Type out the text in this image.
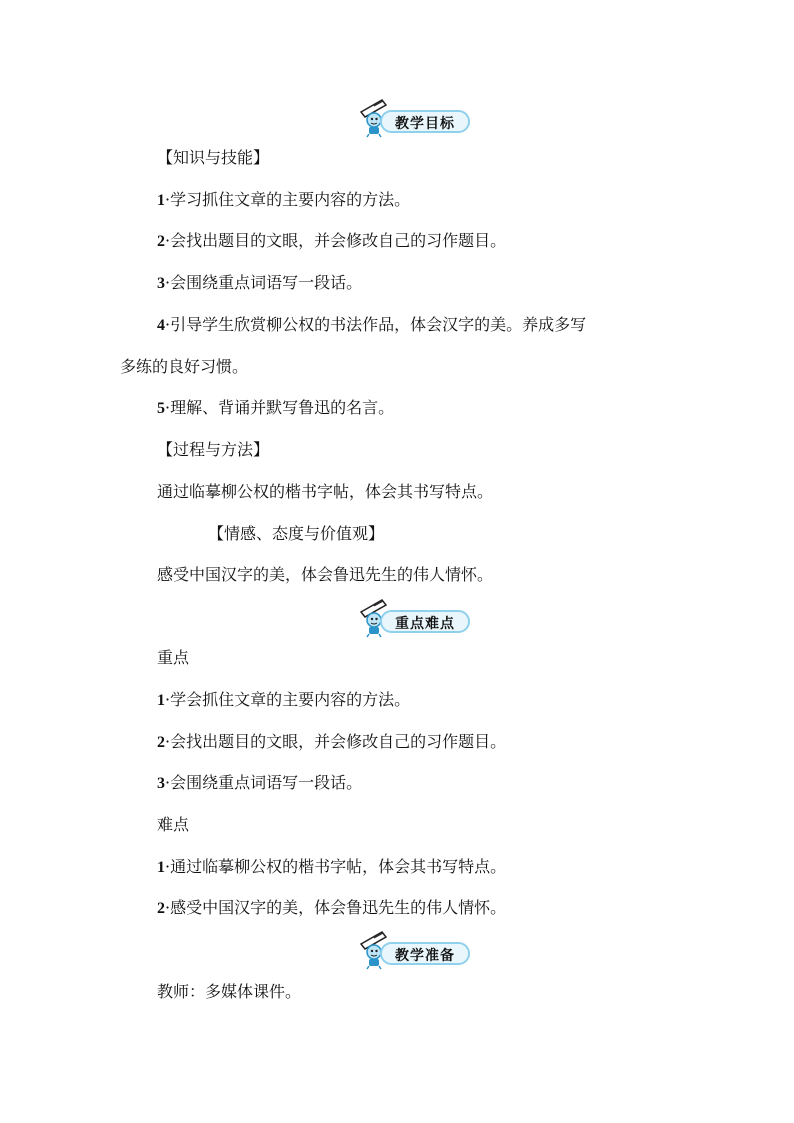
教学目标
【知识与技能】
1·学习抓住文章的主要内容的方法。
2·会找出题目的文眼，并会修改自己的习作题目。
3·会围绕重点词语写一段话。
4·引导学生欣赏柳公权的书法作品，体会汉字的美。养成多写
多练的良好习惯。
5·理解、背诵并默写鲁迅的名言。
【过程与方法】
通过临摹柳公权的楷书字帖，体会其书写特点。
【情感、态度与价值观】
感受中国汉字的美，体会鲁迅先生的伟人情怀。
重点难点
重点
1·学会抓住文章的主要内容的方法。
2·会找出题目的文眼，并会修改自己的习作题目。
3·会围绕重点词语写一段话。
难点
1·通过临摹柳公权的楷书字帖，体会其书写特点。
2·感受中国汉字的美，体会鲁迅先生的伟人情怀。
教学准备
教师：多媒体课件。
